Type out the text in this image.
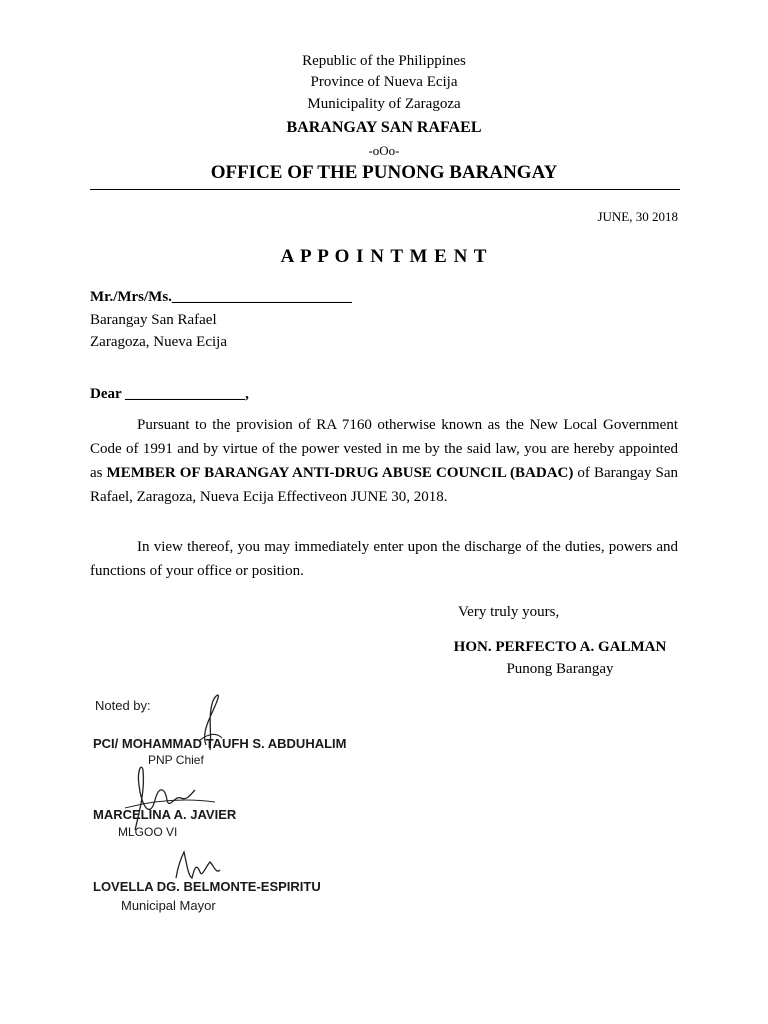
Republic of the Philippines
Province of Nueva Ecija
Municipality of Zaragoza
BARANGAY SAN RAFAEL
-oOo-
OFFICE OF THE PUNONG BARANGAY
JUNE, 30 2018
A P P O I N T M E N T
Mr./Mrs/Ms.________________________
Barangay San Rafael
Zaragoza, Nueva Ecija
Dear ________________,
Pursuant to the provision of RA 7160 otherwise known as the New Local Government Code of 1991 and by virtue of the power vested in me by the said law, you are hereby appointed as MEMBER OF BARANGAY ANTI-DRUG ABUSE COUNCIL (BADAC) of Barangay San Rafael, Zaragoza, Nueva Ecija Effectiveon JUNE 30, 2018.
In view thereof, you may immediately enter upon the discharge of the duties, powers and functions of your office or position.
Very truly yours,
HON. PERFECTO A. GALMAN
Punong Barangay
Noted by:
PCI/ MOHAMMAD TAUFH S. ABDUHALIM
PNP Chief
MARCELINA A. JAVIER
MLGOO VI
LOVELLA DG. BELMONTE-ESPIRITU
Municipal Mayor
